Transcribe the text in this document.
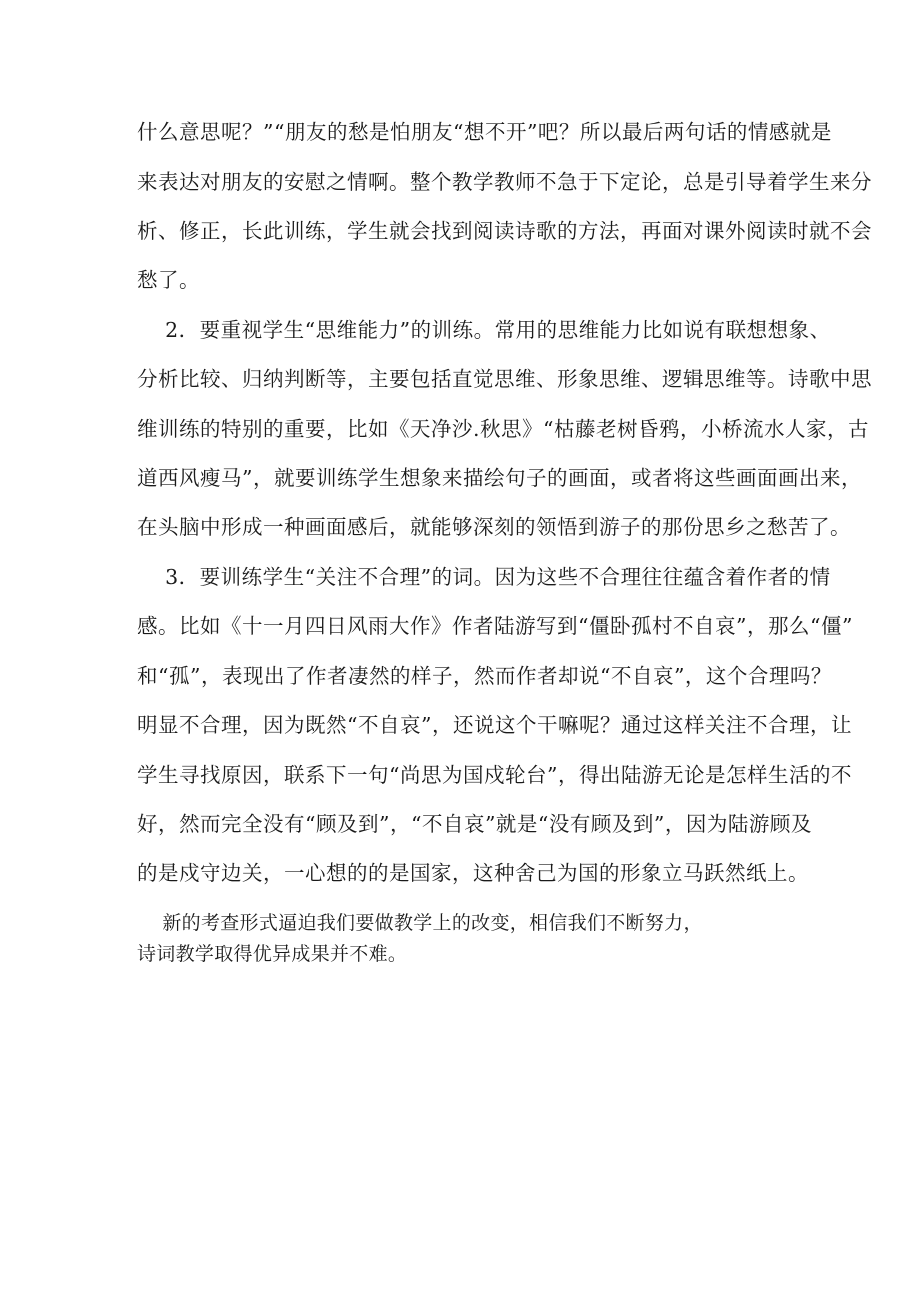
什么意思呢？”“朋友的愁是怕朋友“想不开”吧？所以最后两句话的情感就是
来表达对朋友的安慰之情啊。整个教学教师不急于下定论，总是引导着学生来分
析、修正，长此训练，学生就会找到阅读诗歌的方法，再面对课外阅读时就不会
愁了。
2．要重视学生“思维能力”的训练。常用的思维能力比如说有联想想象、
分析比较、归纳判断等，主要包括直觉思维、形象思维、逻辑思维等。诗歌中思
维训练的特别的重要，比如《天净沙.秋思》“枯藤老树昏鸦，小桥流水人家，古
道西风瘦马”，就要训练学生想象来描绘句子的画面，或者将这些画面画出来，
在头脑中形成一种画面感后，就能够深刻的领悟到游子的那份思乡之愁苦了。
3．要训练学生“关注不合理”的词。因为这些不合理往往蕴含着作者的情
感。比如《十一月四日风雨大作》作者陆游写到“僵卧孤村不自哀”，那么“僵”
和“孤”，表现出了作者凄然的样子，然而作者却说“不自哀”，这个合理吗？
明显不合理，因为既然“不自哀”，还说这个干嘛呢？通过这样关注不合理，让
学生寻找原因，联系下一句“尚思为国戍轮台”，得出陆游无论是怎样生活的不
好，然而完全没有“顾及到”，“不自哀”就是“没有顾及到”，因为陆游顾及
的是戍守边关，一心想的的是国家，这种舍己为国的形象立马跃然纸上。
新的考查形式逼迫我们要做教学上的改变，相信我们不断努力，
诗词教学取得优异成果并不难。
